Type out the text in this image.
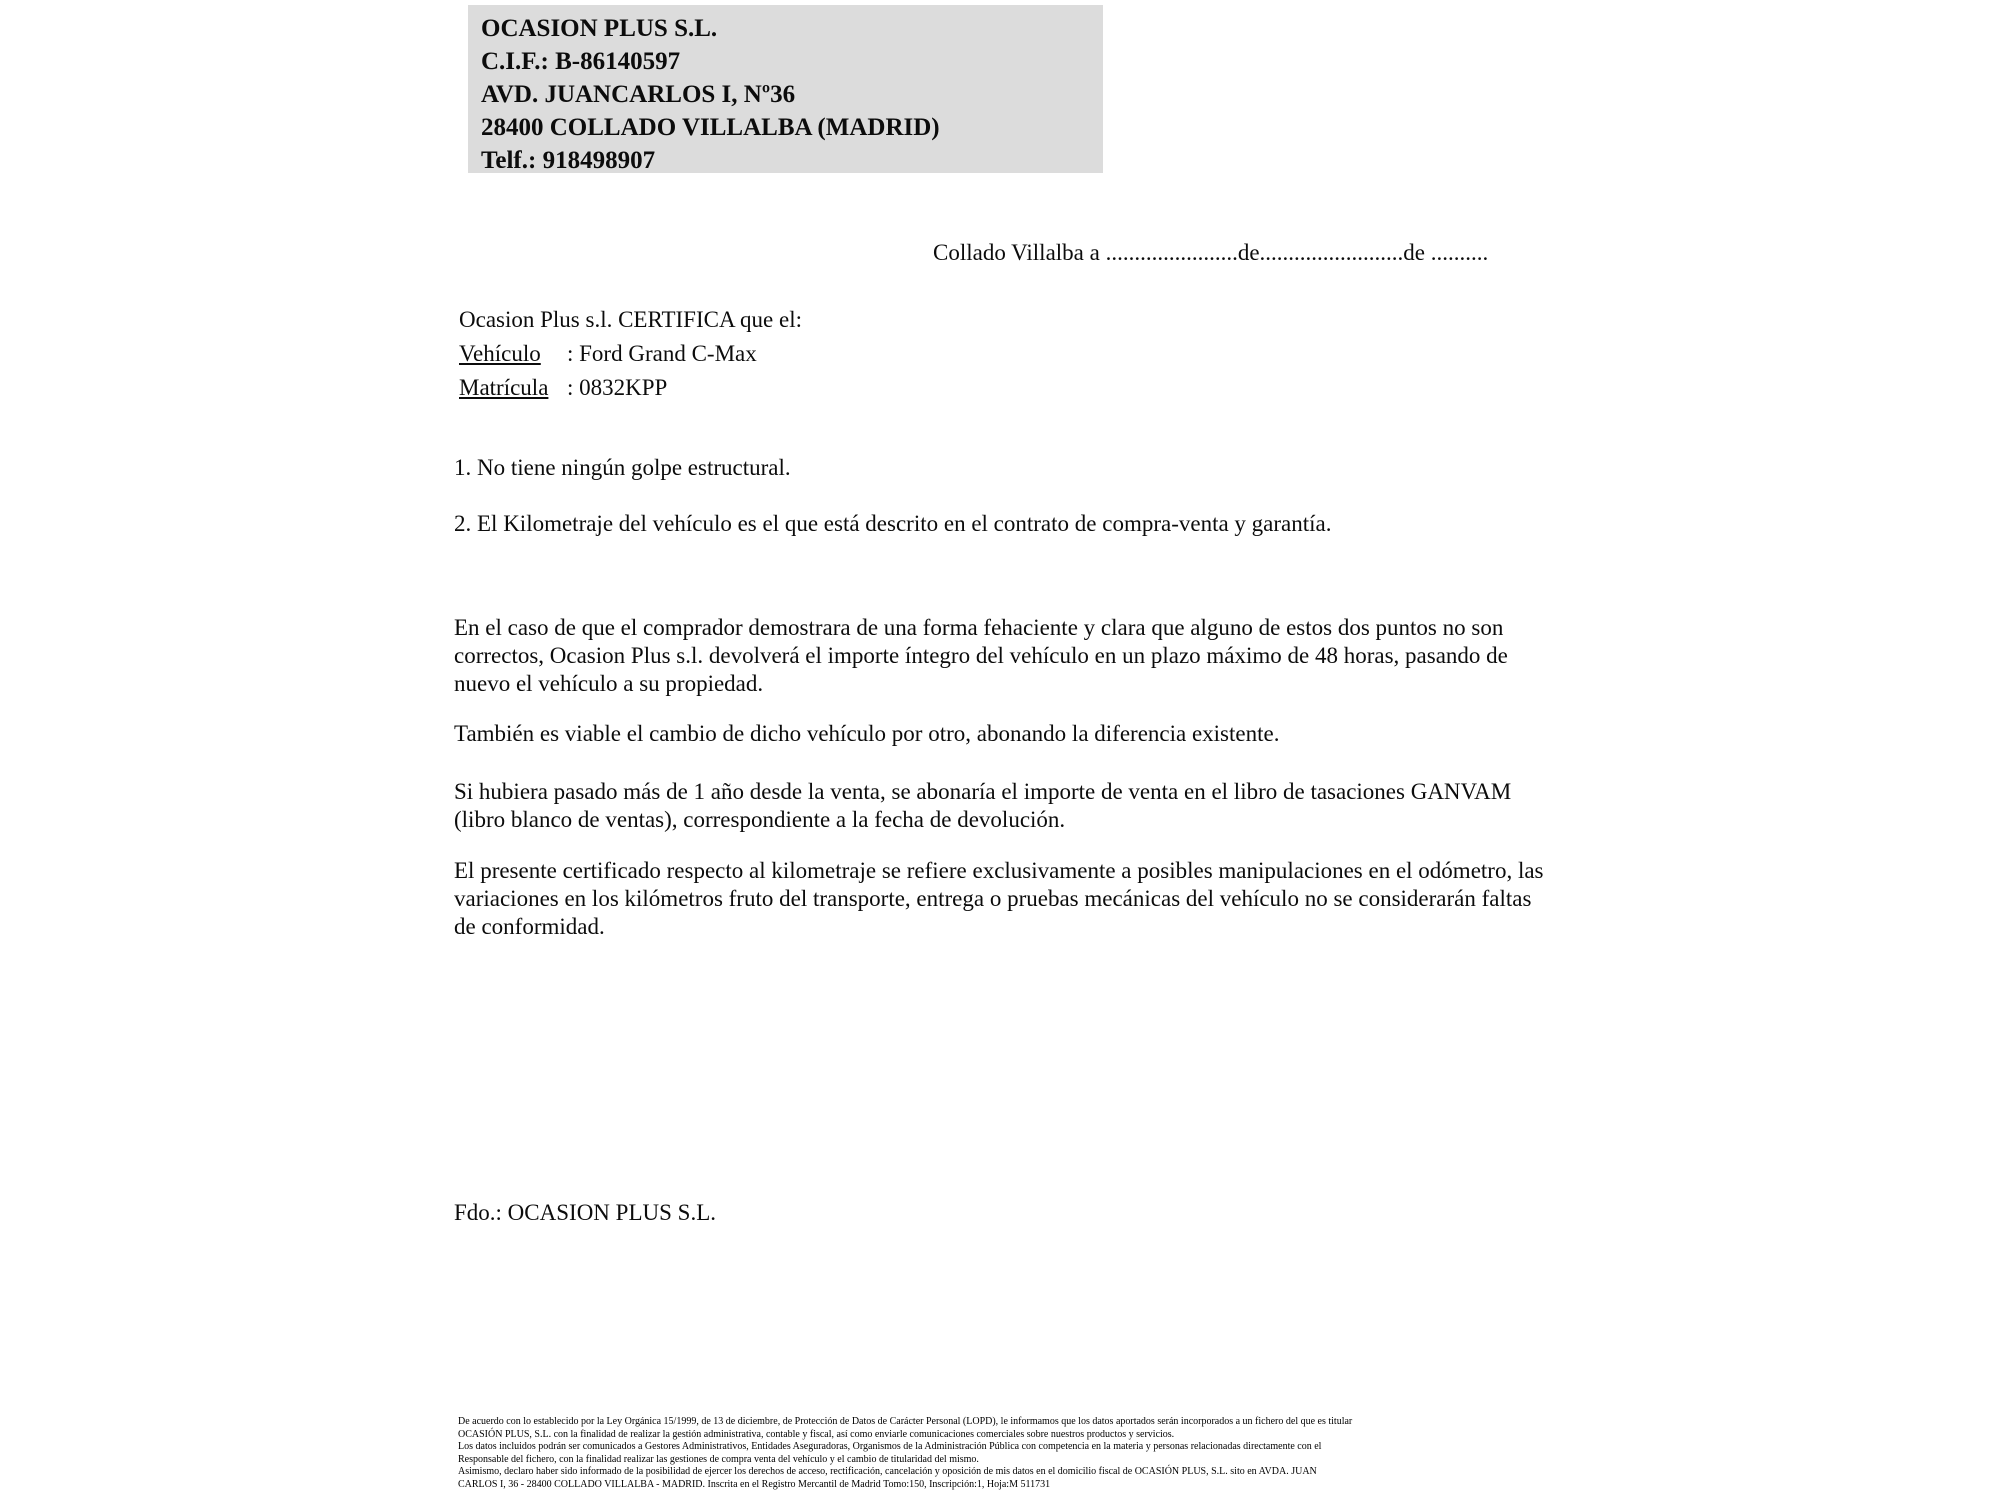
OCASION PLUS S.L.
C.I.F.: B-86140597
AVD. JUANCARLOS I, Nº36
28400 COLLADO VILLALBA (MADRID)
Telf.: 918498907
Collado Villalba a .......................de.........................de ..........
Ocasion Plus s.l. CERTIFICA que el:
Vehículo : Ford Grand C-Max
Matrícula : 0832KPP
1. No tiene ningún golpe estructural.
2. El Kilometraje del vehículo es el que está descrito en el contrato de compra-venta y garantía.
En el caso de que el comprador demostrara de una forma fehaciente y clara que alguno de estos dos puntos no son correctos, Ocasion Plus s.l. devolverá el importe íntegro del vehículo en un plazo máximo de 48 horas, pasando de nuevo el vehículo a su propiedad.
También es viable el cambio de dicho vehículo por otro, abonando la diferencia existente.
Si hubiera pasado más de 1 año desde la venta, se abonaría el importe de venta en el libro de tasaciones GANVAM (libro blanco de ventas), correspondiente a la fecha de devolución.
El presente certificado respecto al kilometraje se refiere exclusivamente a posibles manipulaciones en el odómetro, las variaciones en los kilómetros fruto del transporte, entrega o pruebas mecánicas del vehículo no se considerarán faltas de conformidad.
Fdo.: OCASION PLUS S.L.
De acuerdo con lo establecido por la Ley Orgánica 15/1999, de 13 de diciembre, de Protección de Datos de Carácter Personal (LOPD), le informamos que los datos aportados serán incorporados a un fichero del que es titular
OCASIÓN PLUS, S.L. con la finalidad de realizar la gestión administrativa, contable y fiscal, así como enviarle comunicaciones comerciales sobre nuestros productos y servicios.
Los datos incluidos podrán ser comunicados a Gestores Administrativos, Entidades Aseguradoras, Organismos de la Administración Pública con competencia en la materia y personas relacionadas directamente con el
Responsable del fichero, con la finalidad realizar las gestiones de compra venta del vehículo y el cambio de titularidad del mismo.
Asimismo, declaro haber sido informado de la posibilidad de ejercer los derechos de acceso, rectificación, cancelación y oposición de mis datos en el domicilio fiscal de OCASIÓN PLUS, S.L. sito en AVDA. JUAN
CARLOS I, 36 - 28400 COLLADO VILLALBA - MADRID. Inscrita en el Registro Mercantil de Madrid Tomo:150, Inscripción:1, Hoja:M 511731
